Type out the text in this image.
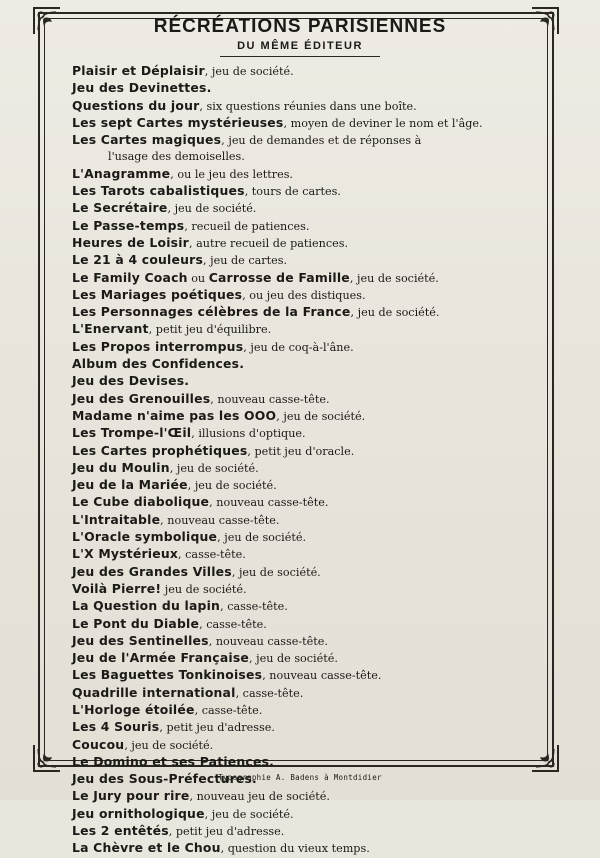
RÉCRÉATIONS PARISIENNES
DU MÊME ÉDITEUR
Plaisir et Déplaisir, jeu de société.
Jeu des Devinettes.
Questions du jour, six questions réunies dans une boîte.
Les sept Cartes mystérieuses, moyen de deviner le nom et l'âge.
Les Cartes magiques, jeu de demandes et de réponses à
l'usage des demoiselles.
L'Anagramme, ou le jeu des lettres.
Les Tarots cabalistiques, tours de cartes.
Le Secrétaire, jeu de société.
Le Passe-temps, recueil de patiences.
Heures de Loisir, autre recueil de patiences.
Le 21 à 4 couleurs, jeu de cartes.
Le Family Coach ou Carrosse de Famille, jeu de société.
Les Mariages poétiques, ou jeu des distiques.
Les Personnages célèbres de la France, jeu de société.
L'Enervant, petit jeu d'équilibre.
Les Propos interrompus, jeu de coq-à-l'âne.
Album des Confidences.
Jeu des Devises.
Jeu des Grenouilles, nouveau casse-tête.
Madame n'aime pas les OOO, jeu de société.
Les Trompe-l'Œil, illusions d'optique.
Les Cartes prophétiques, petit jeu d'oracle.
Jeu du Moulin, jeu de société.
Jeu de la Mariée, jeu de société.
Le Cube diabolique, nouveau casse-tête.
L'Intraitable, nouveau casse-tête.
L'Oracle symbolique, jeu de société.
L'X Mystérieux, casse-tête.
Jeu des Grandes Villes, jeu de société.
Voilà Pierre! jeu de société.
La Question du lapin, casse-tête.
Le Pont du Diable, casse-tête.
Jeu des Sentinelles, nouveau casse-tête.
Jeu de l'Armée Française, jeu de société.
Les Baguettes Tonkinoises, nouveau casse-tête.
Quadrille international, casse-tête.
L'Horloge étoilée, casse-tête.
Les 4 Souris, petit jeu d'adresse.
Coucou, jeu de société.
Le Domino et ses Patiences.
Jeu des Sous-Préfectures.
Le Jury pour rire, nouveau jeu de société.
Jeu ornithologique, jeu de société.
Les 2 entêtés, petit jeu d'adresse.
La Chèvre et le Chou, question du vieux temps.
Typographie A. Badens à Montdidier
